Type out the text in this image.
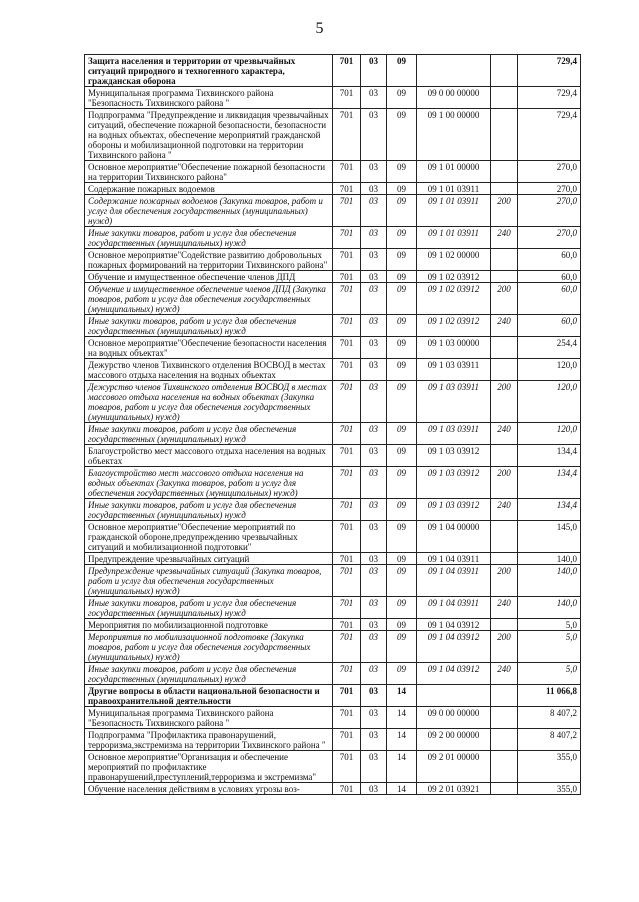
5
Защита населения и территории от чрезвычайных ситуаций природного и техногенного характера, гражданская оборона	701	03	09			729,4
Муниципальная программа Тихвинского района "Безопасность Тихвинского района "	701	03	09	09 0 00 00000		729,4
Подпрограмма "Предупреждение и ликвидация чрезвычайных ситуаций, обеспечение пожарной безопасности, безопасности на водных объектах, обеспечение мероприятий гражданской обороны и мобилизационной подготовки на территории Тихвинского района "	701	03	09	09 1 00 00000		729,4
Основное мероприятие"Обеспечение пожарной безопасности на территории Тихвинского района"	701	03	09	09 1 01 00000		270,0
Содержание пожарных водоемов	701	03	09	09 1 01 03911		270,0
Содержание пожарных водоемов (Закупка товаров, работ и услуг для обеспечения государственных (муниципальных) нужд)	701	03	09	09 1 01 03911	200	270,0
Иные закупки товаров, работ и услуг для обеспечения государственных (муниципальных) нужд	701	03	09	09 1 01 03911	240	270,0
Основное мероприятие"Содействие развитию добровольных пожарных формирований на территории Тихвинского района"	701	03	09	09 1 02 00000		60,0
Обучение и имущественное обеспечение членов ДПД	701	03	09	09 1 02 03912		60,0
Обучение и имущественное обеспечение членов ДПД (Закупка товаров, работ и услуг для обеспечения государственных (муниципальных) нужд)	701	03	09	09 1 02 03912	200	60,0
Иные закупки товаров, работ и услуг для обеспечения государственных (муниципальных) нужд	701	03	09	09 1 02 03912	240	60,0
Основное мероприятие"Обеспечение безопасности населения на водных объектах"	701	03	09	09 1 03 00000		254,4
Дежурство членов Тихвинского отделения ВОСВОД в местах массового отдыха населения на водных объектах	701	03	09	09 1 03 03911		120,0
Дежурство членов Тихвинского отделения ВОСВОД в местах массового отдыха населения на водных объектах (Закупка товаров, работ и услуг для обеспечения государственных (муниципальных) нужд)	701	03	09	09 1 03 03911	200	120,0
Иные закупки товаров, работ и услуг для обеспечения государственных (муниципальных) нужд	701	03	09	09 1 03 03911	240	120,0
Благоустройство мест массового отдыха населения на водных объектах	701	03	09	09 1 03 03912		134,4
Благоустройство мест массового отдыха населения на водных объектах (Закупка товаров, работ и услуг для обеспечения государственных (муниципальных) нужд)	701	03	09	09 1 03 03912	200	134,4
Иные закупки товаров, работ и услуг для обеспечения государственных (муниципальных) нужд	701	03	09	09 1 03 03912	240	134,4
Основное мероприятие"Обеспечение мероприятий по гражданской обороне,предупреждению чрезвычайных ситуаций и мобилизационной подготовки"	701	03	09	09 1 04 00000		145,0
Предупреждение чрезвычайных ситуаций	701	03	09	09 1 04 03911		140,0
Предупреждение чрезвычайных ситуаций (Закупка товаров, работ и услуг для обеспечения государственных (муниципальных) нужд)	701	03	09	09 1 04 03911	200	140,0
Иные закупки товаров, работ и услуг для обеспечения государственных (муниципальных) нужд	701	03	09	09 1 04 03911	240	140,0
Мероприятия по мобилизационной подготовке	701	03	09	09 1 04 03912		5,0
Мероприятия по мобилизационной подготовке (Закупка товаров, работ и услуг для обеспечения государственных (муниципальных) нужд)	701	03	09	09 1 04 03912	200	5,0
Иные закупки товаров, работ и услуг для обеспечения государственных (муниципальных) нужд	701	03	09	09 1 04 03912	240	5,0
Другие вопросы в области национальной безопасности и правоохранительной деятельности	701	03	14			11 066,8
Муниципальная программа Тихвинского района "Безопасность Тихвинского района "	701	03	14	09 0 00 00000		8 407,2
Подпрограмма "Профилактика правонарушений, терроризма,экстремизма на территории Тихвинского района "	701	03	14	09 2 00 00000		8 407,2
Основное мероприятие"Организация и обеспечение мероприятий по профилактике правонарушений,преступлений,терроризма и экстремизма"	701	03	14	09 2 01 00000		355,0
Обучение населения действиям в условиях угрозы воз-	701	03	14	09 2 01 03921		355,0
